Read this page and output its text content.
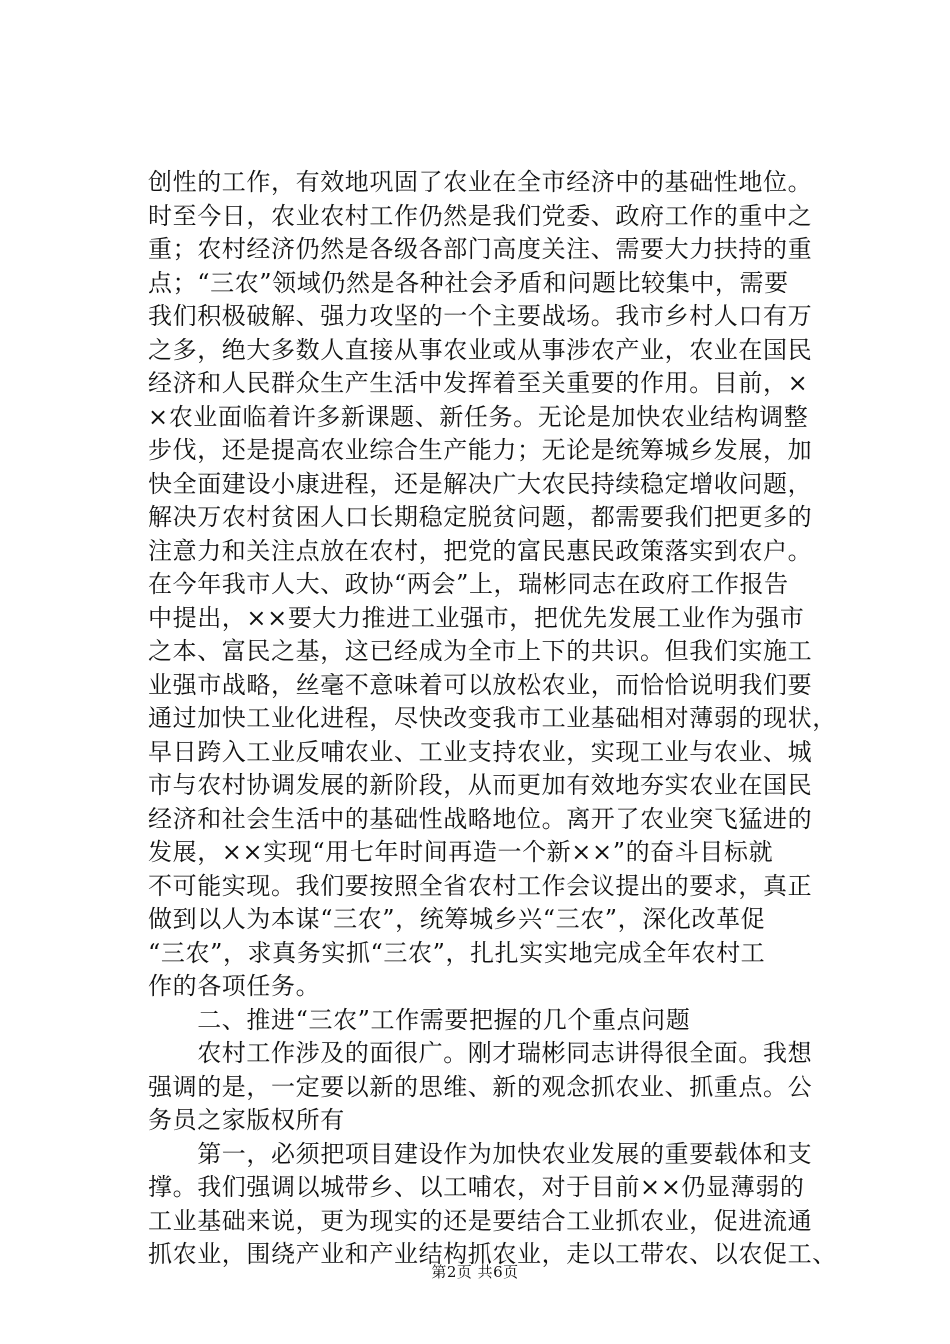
创性的工作，有效地巩固了农业在全市经济中的基础性地位。
时至今日，农业农村工作仍然是我们党委、政府工作的重中之
重；农村经济仍然是各级各部门高度关注、需要大力扶持的重
点；“三农”领域仍然是各种社会矛盾和问题比较集中，需要
我们积极破解、强力攻坚的一个主要战场。我市乡村人口有万
之多，绝大多数人直接从事农业或从事涉农产业，农业在国民
经济和人民群众生产生活中发挥着至关重要的作用。目前，×
×农业面临着许多新课题、新任务。无论是加快农业结构调整
步伐，还是提高农业综合生产能力；无论是统筹城乡发展，加
快全面建设小康进程，还是解决广大农民持续稳定增收问题，
解决万农村贫困人口长期稳定脱贫问题，都需要我们把更多的
注意力和关注点放在农村，把党的富民惠民政策落实到农户。
在今年我市人大、政协“两会”上，瑞彬同志在政府工作报告
中提出，××要大力推进工业强市，把优先发展工业作为强市
之本、富民之基，这已经成为全市上下的共识。但我们实施工
业强市战略，丝毫不意味着可以放松农业，而恰恰说明我们要
通过加快工业化进程，尽快改变我市工业基础相对薄弱的现状，
早日跨入工业反哺农业、工业支持农业，实现工业与农业、城
市与农村协调发展的新阶段，从而更加有效地夯实农业在国民
经济和社会生活中的基础性战略地位。离开了农业突飞猛进的
发展，××实现“用七年时间再造一个新××”的奋斗目标就
不可能实现。我们要按照全省农村工作会议提出的要求，真正
做到以人为本谋“三农”，统筹城乡兴“三农”，深化改革促
“三农”，求真务实抓“三农”，扎扎实实地完成全年农村工
作的各项任务。
　　二、推进“三农”工作需要把握的几个重点问题
　　农村工作涉及的面很广。刚才瑞彬同志讲得很全面。我想
强调的是，一定要以新的思维、新的观念抓农业、抓重点。公
务员之家版权所有
　　第一，必须把项目建设作为加快农业发展的重要载体和支
撑。我们强调以城带乡、以工哺农，对于目前××仍显薄弱的
工业基础来说，更为现实的还是要结合工业抓农业，促进流通
抓农业，围绕产业和产业结构抓农业，走以工带农、以农促工、
第2页 共6页
